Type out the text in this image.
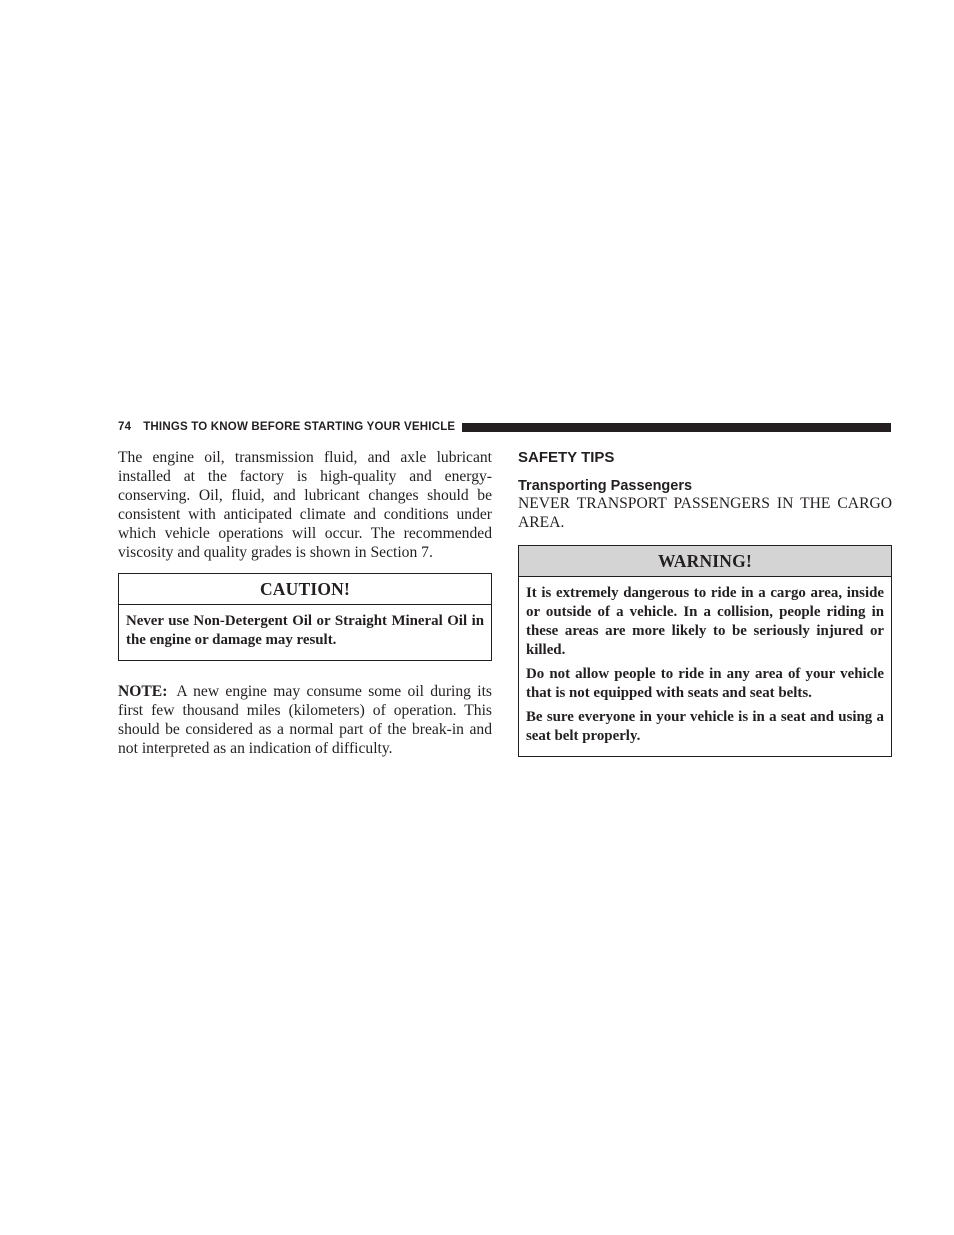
74 THINGS TO KNOW BEFORE STARTING YOUR VEHICLE

The engine oil, transmission fluid, and axle lubricant installed at the factory is high-quality and energy-conserving. Oil, fluid, and lubricant changes should be consistent with anticipated climate and conditions under which vehicle operations will occur. The recommended viscosity and quality grades is shown in Section 7.

CAUTION!

Never use Non-Detergent Oil or Straight Mineral Oil in the engine or damage may result.

NOTE: A new engine may consume some oil during its first few thousand miles (kilometers) of operation. This should be considered as a normal part of the break-in and not interpreted as an indication of difficulty.

SAFETY TIPS
Transporting Passengers

NEVER TRANSPORT PASSENGERS IN THE CARGO AREA.

WARNING!

It is extremely dangerous to ride in a cargo area, inside or outside of a vehicle. In a collision, people riding in these areas are more likely to be seriously injured or killed.

Do not allow people to ride in any area of your vehicle that is not equipped with seats and seat belts.

Be sure everyone in your vehicle is in a seat and using a seat belt properly.
